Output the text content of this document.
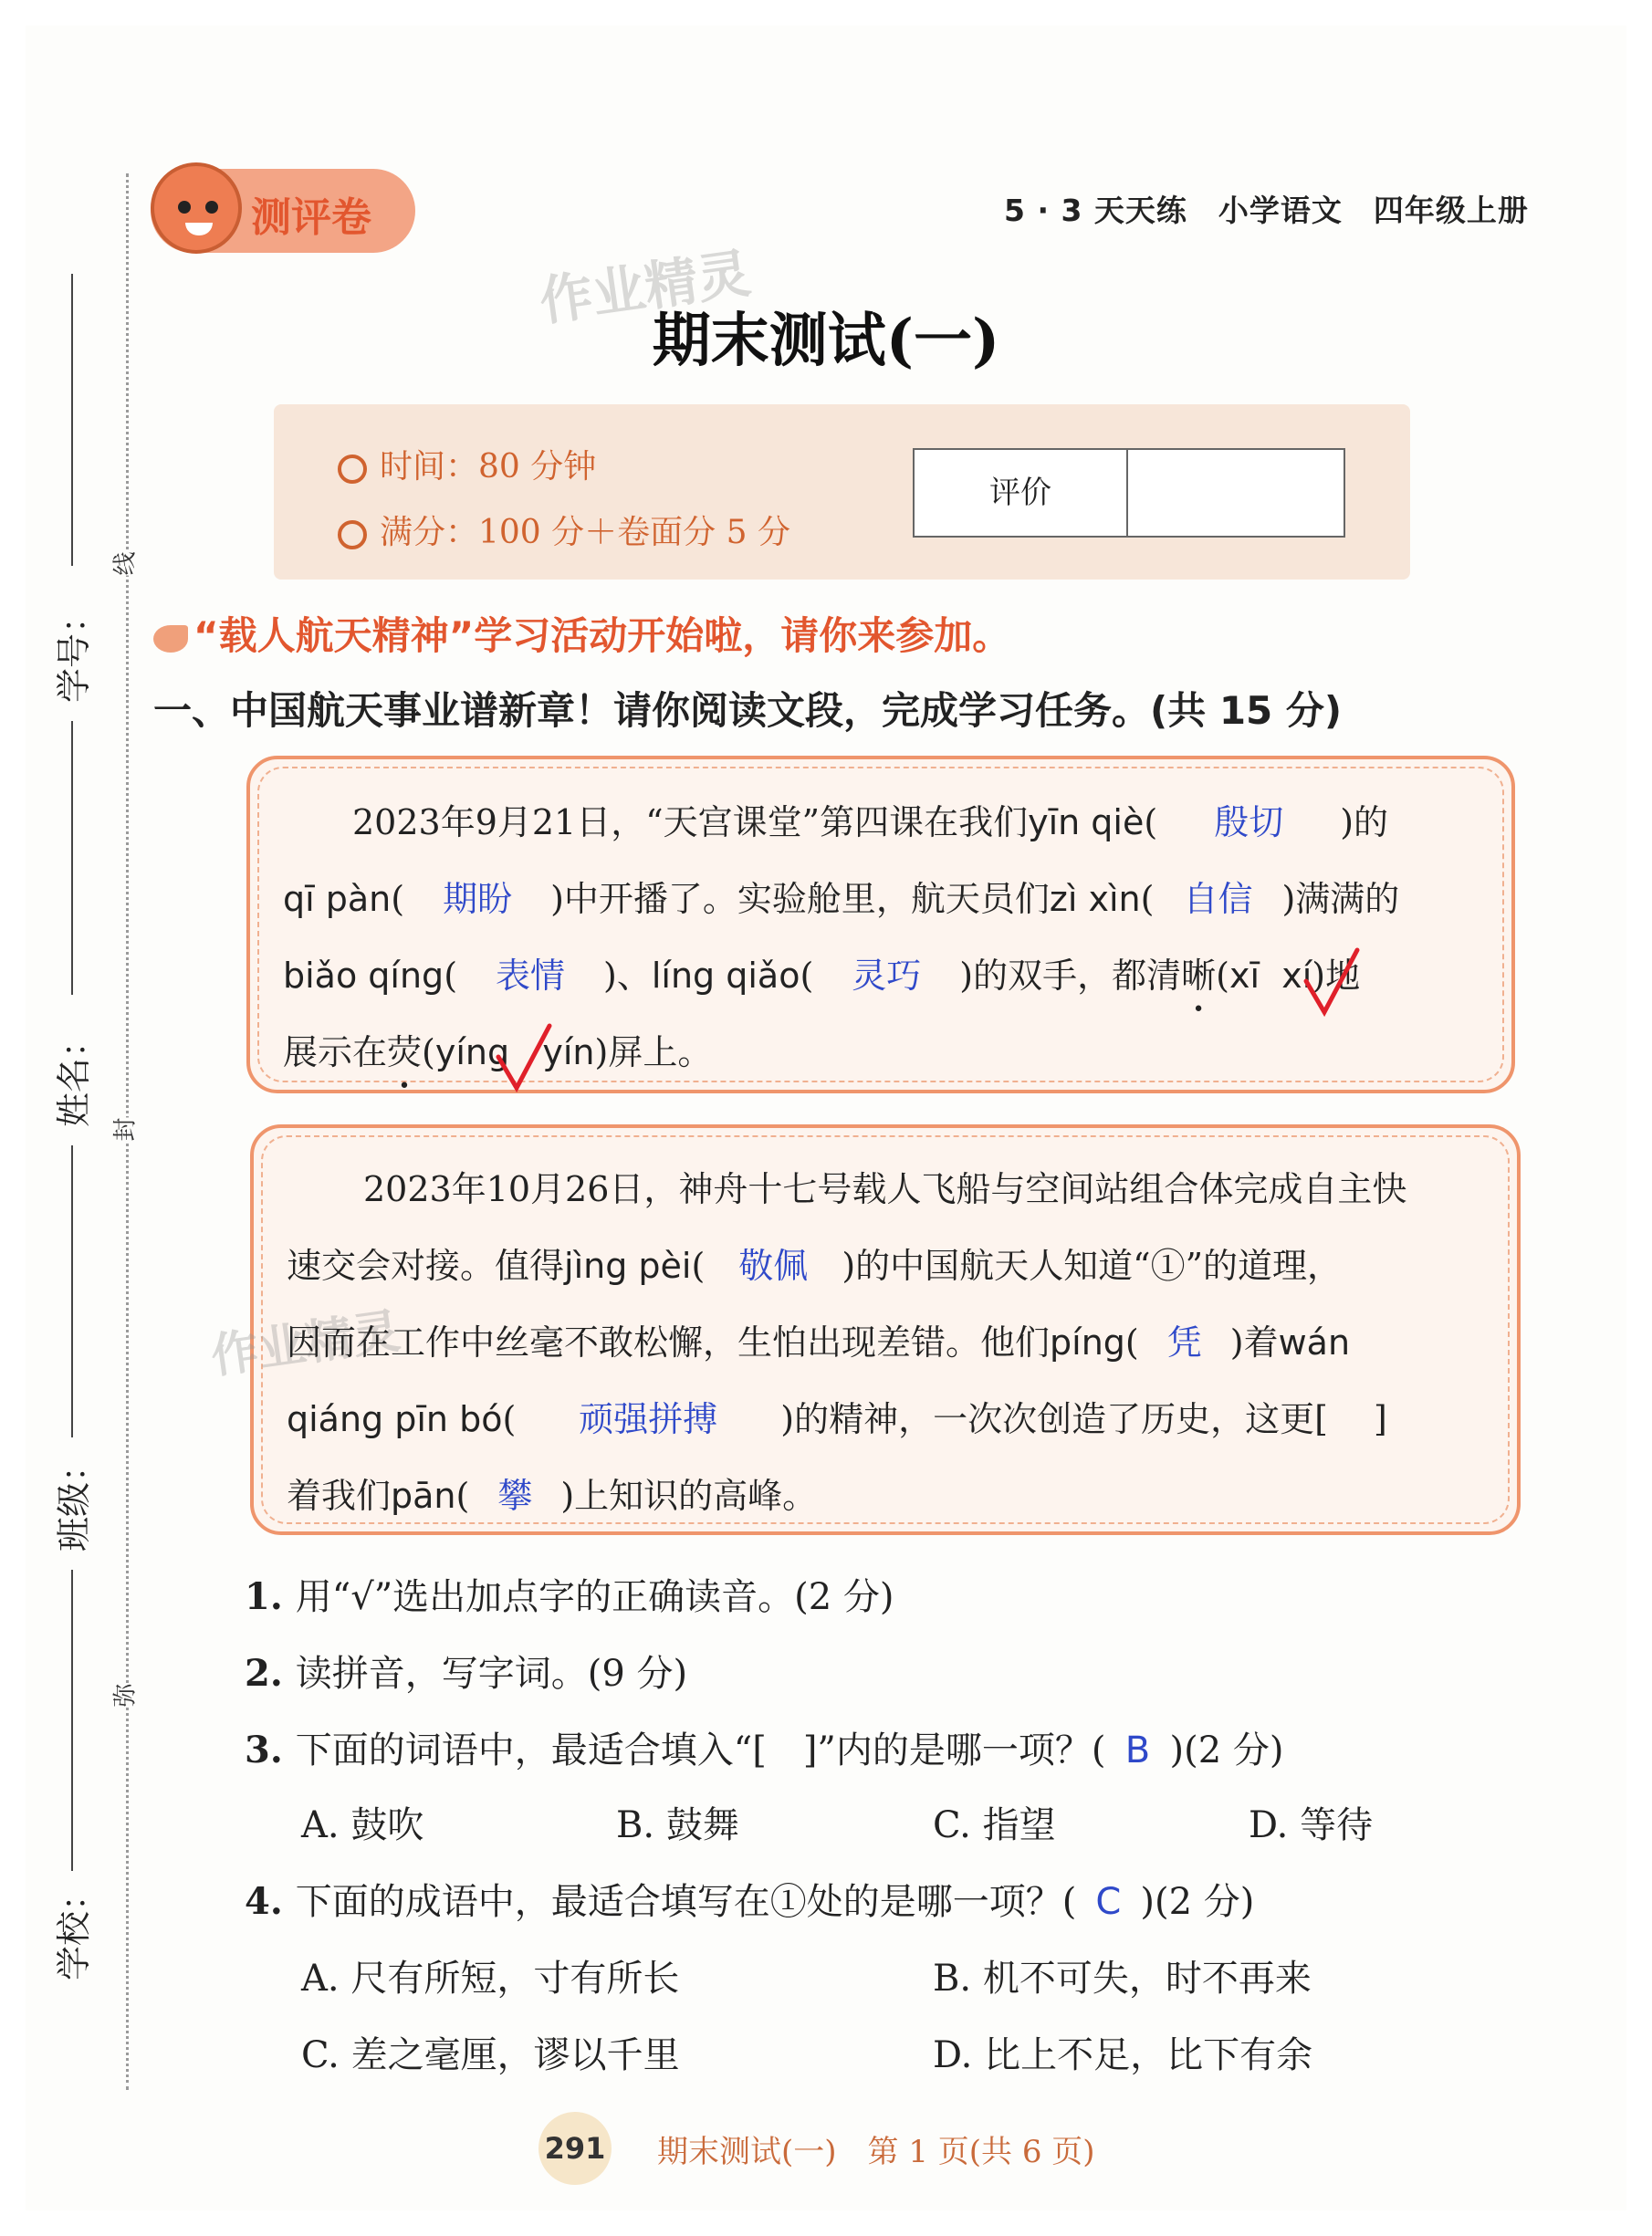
学号：
姓名：
班级：
学校：
线
封
弥
测评卷	5 · 3 天天练　小学语文　四年级上册
作业精灵
期末测试(一)
时间：80 分钟
满分：100 分＋卷面分 5 分
评价
“载人航天精神”学习活动开始啦，请你来参加。
一、中国航天事业谱新章！请你阅读文段，完成学习任务。(共 15 分)
2023年9月21日，“天宫课堂”第四课在我们yīn qiè( 殷切 )的
qī pàn( 期盼 )中开播了。实验舱里，航天员们zì xìn( 自信 )满满的
biǎo qíng( 表情 )、líng qiǎo( 灵巧 )的双手，都清晰(xī xí)地
展示在荧(yíng yín)屏上。
2023年10月26日，神舟十七号载人飞船与空间站组合体完成自主快
速交会对接。值得jìng pèi( 敬佩 )的中国航天人知道“①”的道理，
因而在工作中丝毫不敢松懈，生怕出现差错。他们píng( 凭 )着wán
qiáng pīn bó( 顽强拼搏 )的精神，一次次创造了历史，这更[ ]
着我们pān( 攀 )上知识的高峰。
作业精灵
1. 用“√”选出加点字的正确读音。(2 分)
2. 读拼音，写字词。(9 分)
3. 下面的词语中，最适合填入“[　]”内的是哪一项？( B )(2 分)
A. 鼓吹	B. 鼓舞	C. 指望	D. 等待
4. 下面的成语中，最适合填写在①处的是哪一项？( C )(2 分)
A. 尺有所短，寸有所长	B. 机不可失，时不再来
C. 差之毫厘，谬以千里	D. 比上不足，比下有余
291 期末测试(一)　第 1 页(共 6 页)
